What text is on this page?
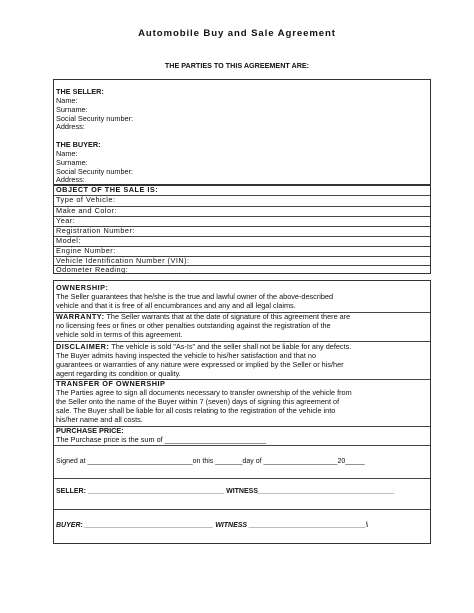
Automobile Buy and Sale Agreement
THE PARTIES TO THIS AGREEMENT ARE:
THE SELLER:
Name:
Surname:
Social Security number:
Address:
THE BUYER:
Name:
Surname:
Social Security number:
Address:
OBJECT OF THE SALE IS:
Type of Vehicle:
Make and Color:
Year:
Registration Number:
Model:
Engine Number:
Vehicle Identification Number (VIN):
Odometer Reading:
OWNERSHIP:
The Seller guarantees that he/she is the true and lawful owner of the above-described
vehicle and that it is free of all encumbrances and any and all legal claims.
WARRANTY: The Seller warrants that at the date of signature of this agreement there are
no licensing fees or fines or other penalties outstanding against the registration of the
vehicle sold in terms of this agreement.
DISCLAIMER: The vehicle is sold "As-Is" and the seller shall not be liable for any defects.
The Buyer admits having inspected the vehicle to his/her satisfaction and that no
guarantees or warranties of any nature were expressed or implied by the Seller or his/her
agent regarding its condition or quality.
TRANSFER OF OWNERSHIP
The Parties agree to sign all documents necessary to transfer ownership of the vehicle from
the Seller onto the name of the Buyer within 7 (seven) days of signing this agreement of
sale. The Buyer shall be liable for all costs relating to the registration of the vehicle into
his/her name and all costs.
PURCHASE PRICE:
The Purchase price is the sum of _________________________
Signed at ___________________________on this _______day of ___________________20_____
SELLER: ___________________________________ WITNESS___________________________________
BUYER: _________________________________ WITNESS ______________________________\
